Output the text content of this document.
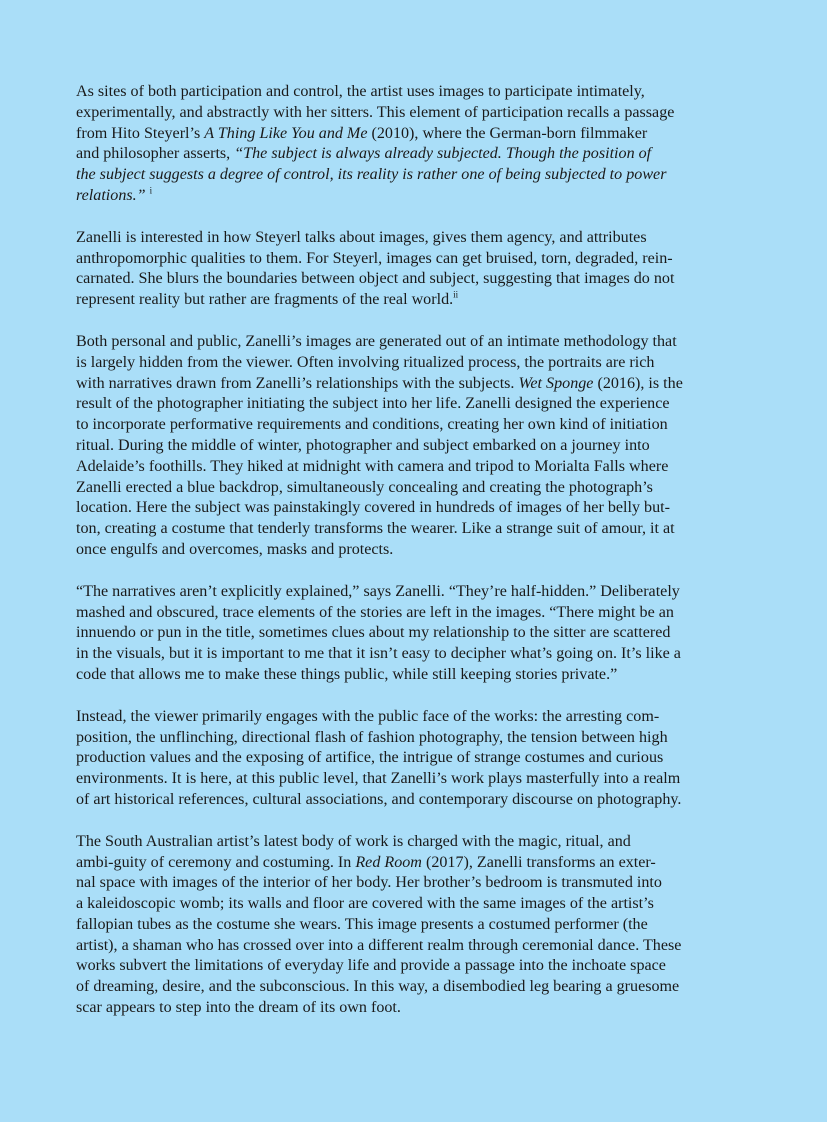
As sites of both participation and control, the artist uses images to participate intimately,
experimentally, and abstractly with her sitters. This element of participation recalls a passage
from Hito Steyerl’s A Thing Like You and Me (2010), where the German-born filmmaker
and philosopher asserts, “The subject is always already subjected. Though the position of
the subject suggests a degree of control, its reality is rather one of being subjected to power
relations.” $^i$
Zanelli is interested in how Steyerl talks about images, gives them agency, and attributes
anthropomorphic qualities to them. For Steyerl, images can get bruised, torn, degraded, rein-
carnated. She blurs the boundaries between object and subject, suggesting that images do not
represent reality but rather are fragments of the real world.$^{ii}$
Both personal and public, Zanelli’s images are generated out of an intimate methodology that
is largely hidden from the viewer. Often involving ritualized process, the portraits are rich
with narratives drawn from Zanelli’s relationships with the subjects. Wet Sponge (2016), is the
result of the photographer initiating the subject into her life. Zanelli designed the experience
to incorporate performative requirements and conditions, creating her own kind of initiation
ritual. During the middle of winter, photographer and subject embarked on a journey into
Adelaide’s foothills. They hiked at midnight with camera and tripod to Morialta Falls where
Zanelli erected a blue backdrop, simultaneously concealing and creating the photograph’s
location. Here the subject was painstakingly covered in hundreds of images of her belly but-
ton, creating a costume that tenderly transforms the wearer. Like a strange suit of amour, it at
once engulfs and overcomes, masks and protects.
“The narratives aren’t explicitly explained,” says Zanelli. “They’re half-hidden.” Deliberately
mashed and obscured, trace elements of the stories are left in the images. “There might be an
innuendo or pun in the title, sometimes clues about my relationship to the sitter are scattered
in the visuals, but it is important to me that it isn’t easy to decipher what’s going on. It’s like a
code that allows me to make these things public, while still keeping stories private.”
Instead, the viewer primarily engages with the public face of the works: the arresting com-
position, the unflinching, directional flash of fashion photography, the tension between high
production values and the exposing of artifice, the intrigue of strange costumes and curious
environments. It is here, at this public level, that Zanelli’s work plays masterfully into a realm
of art historical references, cultural associations, and contemporary discourse on photography.
The South Australian artist’s latest body of work is charged with the magic, ritual, and
ambi-guity of ceremony and costuming. In Red Room (2017), Zanelli transforms an exter-
nal space with images of the interior of her body. Her brother’s bedroom is transmuted into
a kaleidoscopic womb; its walls and floor are covered with the same images of the artist’s
fallopian tubes as the costume she wears. This image presents a costumed performer (the
artist), a shaman who has crossed over into a different realm through ceremonial dance. These
works subvert the limitations of everyday life and provide a passage into the inchoate space
of dreaming, desire, and the subconscious. In this way, a disembodied leg bearing a gruesome
scar appears to step into the dream of its own foot.
